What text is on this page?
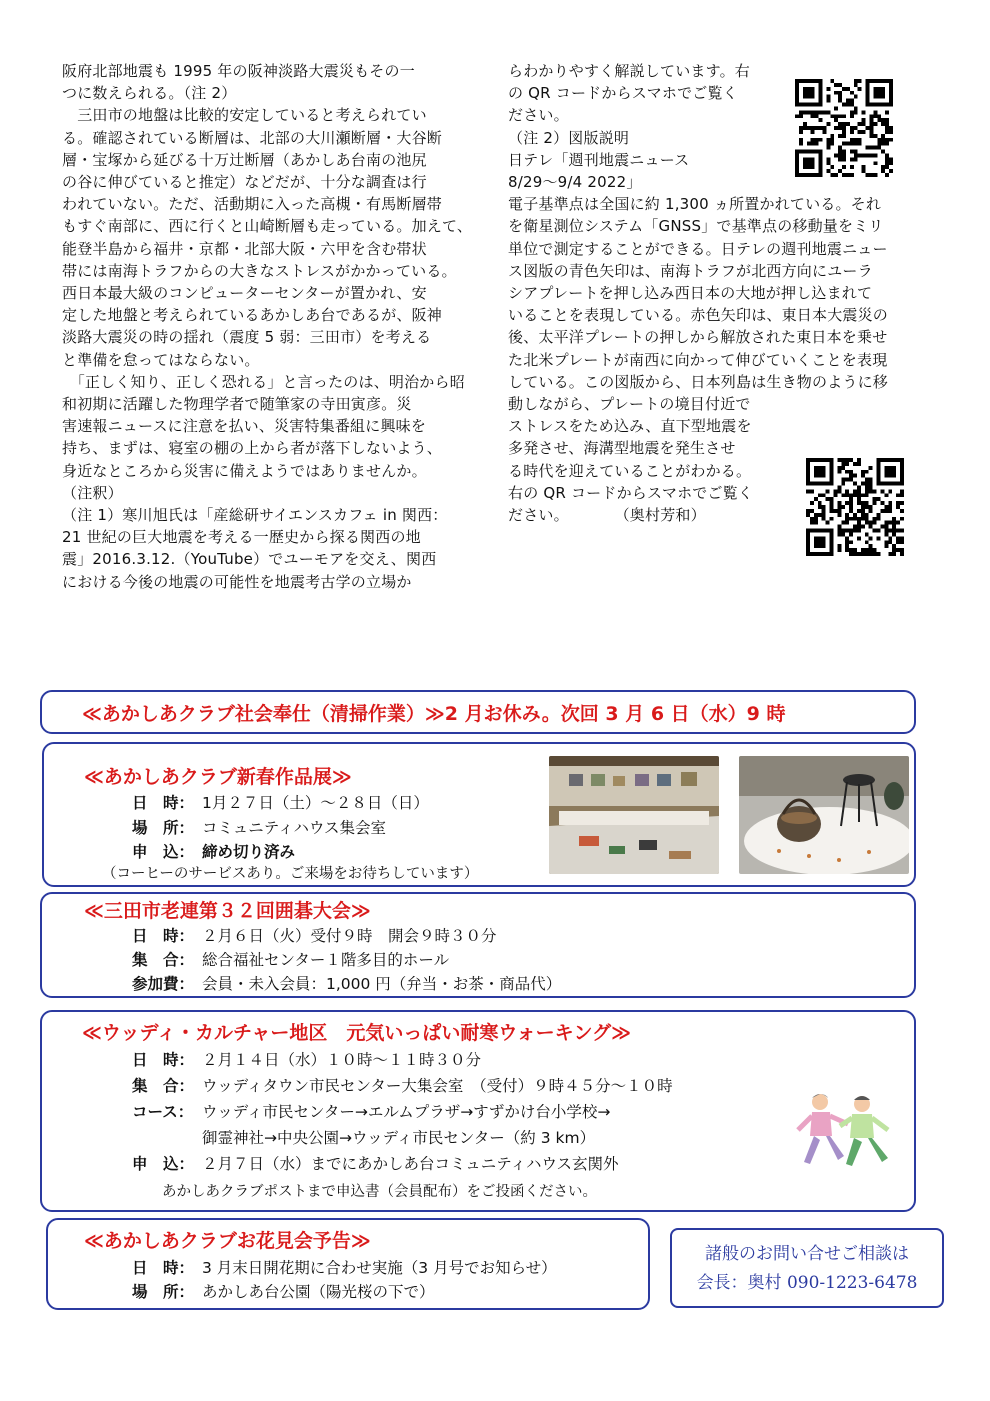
阪府北部地震も 1995 年の阪神淡路大震災もその一
つに数えられる。（注 2）
　三田市の地盤は比較的安定していると考えられてい
る。確認されている断層は、北部の大川瀬断層・大谷断
層・宝塚から延びる十万辻断層（あかしあ台南の池尻
の谷に伸びていると推定）などだが、十分な調査は行
われていない。ただ、活動期に入った高槻・有馬断層帯
もすぐ南部に、西に行くと山崎断層も走っている。加えて、
能登半島から福井・京都・北部大阪・六甲を含む帯状
帯には南海トラフからの大きなストレスがかかっている。
西日本最大級のコンピューターセンターが置かれ、安
定した地盤と考えられているあかしあ台であるが、阪神
淡路大震災の時の揺れ（震度 5 弱：三田市）を考える
と準備を怠ってはならない。
　「正しく知り、正しく恐れる」と言ったのは、明治から昭
和初期に活躍した物理学者で随筆家の寺田寅彦。災
害速報ニュースに注意を払い、災害特集番組に興味を
持ち、まずは、寝室の棚の上から者が落下しないよう、
身近なところから災害に備えようではありませんか。
（注釈）
（注 1）寒川旭氏は「産総研サイエンスカフェ in 関西：
21 世紀の巨大地震を考える一歴史から探る関西の地
震」2016.3.12.（YouTube）でユーモアを交え、関西
における今後の地震の可能性を地震考古学の立場か
らわかりやすく解説しています。右
の QR コードからスマホでご覧く
ださい。
（注 2）図版説明
日テレ「週刊地震ニュース
8/29〜9/4 2022」
電子基準点は全国に約 1,300 ヵ所置かれている。それ
を衛星測位システム「GNSS」で基準点の移動量をミリ
単位で測定することができる。日テレの週刊地震ニュー
ス図版の青色矢印は、南海トラフが北西方向にユーラ
シアプレートを押し込み西日本の大地が押し込まれて
いることを表現している。赤色矢印は、東日本大震災の
後、太平洋プレートの押しから解放された東日本を乗せ
た北米プレートが南西に向かって伸びていくことを表現
している。この図版から、日本列島は生き物のように移
動しながら、プレートの境目付近で
ストレスをため込み、直下型地震を
多発させ、海溝型地震を発生させ
る時代を迎えていることがわかる。
右の QR コードからスマホでご覧く
ださい。　　　　（奥村芳和）
≪あかしあクラブ社会奉仕（清掃作業）≫2 月お休み。次回 3 月 6 日（水）9 時
≪あかしあクラブ新春作品展≫
日　時： 1月２７日（土）〜２８日（日）
場　所： コミュニティハウス集会室
申　込： 締め切り済み
（コーヒーのサービスあり。ご来場をお待ちしています）
≪三田市老連第３２回囲碁大会≫
日　時： ２月６日（火）受付９時　開会９時３０分
集　合： 総合福祉センター１階多目的ホール
参加費： 会員・未入会員：1,000 円（弁当・お茶・商品代）
≪ウッディ・カルチャー地区　元気いっぱい耐寒ウォーキング≫
日　時： ２月１４日（水）１０時〜１１時３０分
集　合： ウッディタウン市民センター大集会室　（受付）９時４５分〜１０時
コース： ウッディ市民センター→エルムプラザ→すずかけ台小学校→
御霊神社→中央公園→ウッディ市民センター（約 3 km）
申　込： ２月７日（水）までにあかしあ台コミュニティハウス玄関外
あかしあクラブポストまで申込書（会員配布）をご投函ください。
≪あかしあクラブお花見会予告≫
日　時： 3 月末日開花期に合わせ実施（3 月号でお知らせ）
場　所： あかしあ台公園（陽光桜の下で）
諸般のお問い合せご相談は
会長：奥村 090-1223-6478
